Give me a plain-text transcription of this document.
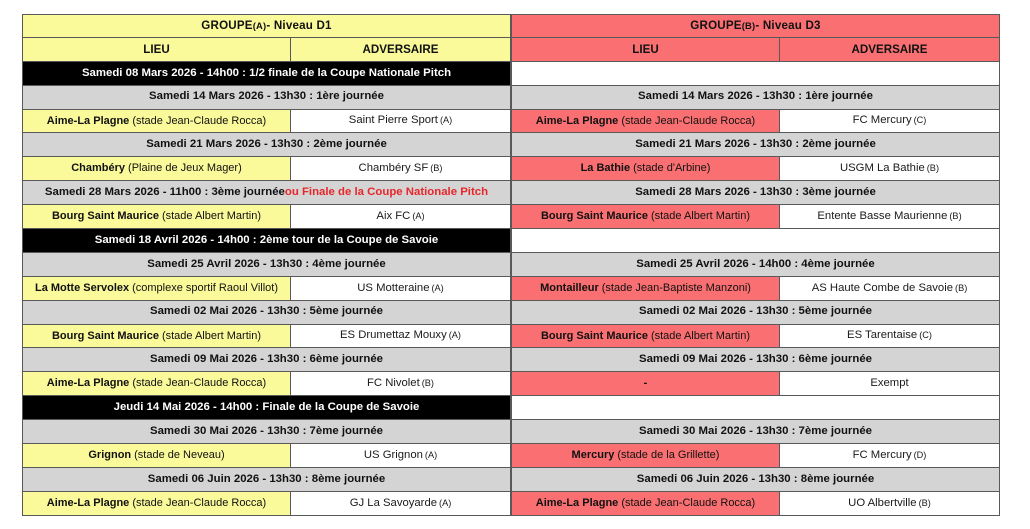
GROUPE (A) - Niveau D1
LIEU	ADVERSAIRE
Samedi 08 Mars 2026 - 14h00 : 1/2 finale de la Coupe Nationale Pitch
Samedi 14 Mars 2026 - 13h30 : 1ère journée
Aime-La Plagne (stade Jean-Claude Rocca)	Saint Pierre Sport (A)
Samedi 21 Mars 2026 - 13h30 : 2ème journée
Chambéry (Plaine de Jeux Mager)	Chambéry SF (B)
Samedi 28 Mars 2026 - 11h00 : 3ème journée ou Finale de la Coupe Nationale Pitch
Bourg Saint Maurice (stade Albert Martin)	Aix FC (A)
Samedi 18 Avril 2026 - 14h00 : 2ème tour de la Coupe de Savoie
Samedi 25 Avril 2026 - 13h30 : 4ème journée
La Motte Servolex (complexe sportif Raoul Villot)	US Motteraine (A)
Samedi 02 Mai 2026 - 13h30 : 5ème journée
Bourg Saint Maurice (stade Albert Martin)	ES Drumettaz Mouxy (A)
Samedi 09 Mai 2026 - 13h30 : 6ème journée
Aime-La Plagne (stade Jean-Claude Rocca)	FC Nivolet (B)
Jeudi 14 Mai 2026 - 14h00 : Finale de la Coupe de Savoie
Samedi 30 Mai 2026 - 13h30 : 7ème journée
Grignon (stade de Neveau)	US Grignon (A)
Samedi 06 Juin 2026 - 13h30 : 8ème journée
Aime-La Plagne (stade Jean-Claude Rocca)	GJ La Savoyarde (A)
GROUPE (B) - Niveau D3
LIEU	ADVERSAIRE
Samedi 14 Mars 2026 - 13h30 : 1ère journée
Aime-La Plagne (stade Jean-Claude Rocca)	FC Mercury (C)
Samedi 21 Mars 2026 - 13h30 : 2ème journée
La Bathie (stade d'Arbine)	USGM La Bathie (B)
Samedi 28 Mars 2026 - 13h30 : 3ème journée
Bourg Saint Maurice (stade Albert Martin)	Entente Basse Maurienne (B)
Samedi 25 Avril 2026 - 14h00 : 4ème journée
Montailleur (stade Jean-Baptiste Manzoni)	AS Haute Combe de Savoie (B)
Samedi 02 Mai 2026 - 13h30 : 5ème journée
Bourg Saint Maurice (stade Albert Martin)	ES Tarentaise (C)
Samedi 09 Mai 2026 - 13h30 : 6ème journée
-	Exempt
Samedi 30 Mai 2026 - 13h30 : 7ème journée
Mercury (stade de la Grillette)	FC Mercury (D)
Samedi 06 Juin 2026 - 13h30 : 8ème journée
Aime-La Plagne (stade Jean-Claude Rocca)	UO Albertville (B)
